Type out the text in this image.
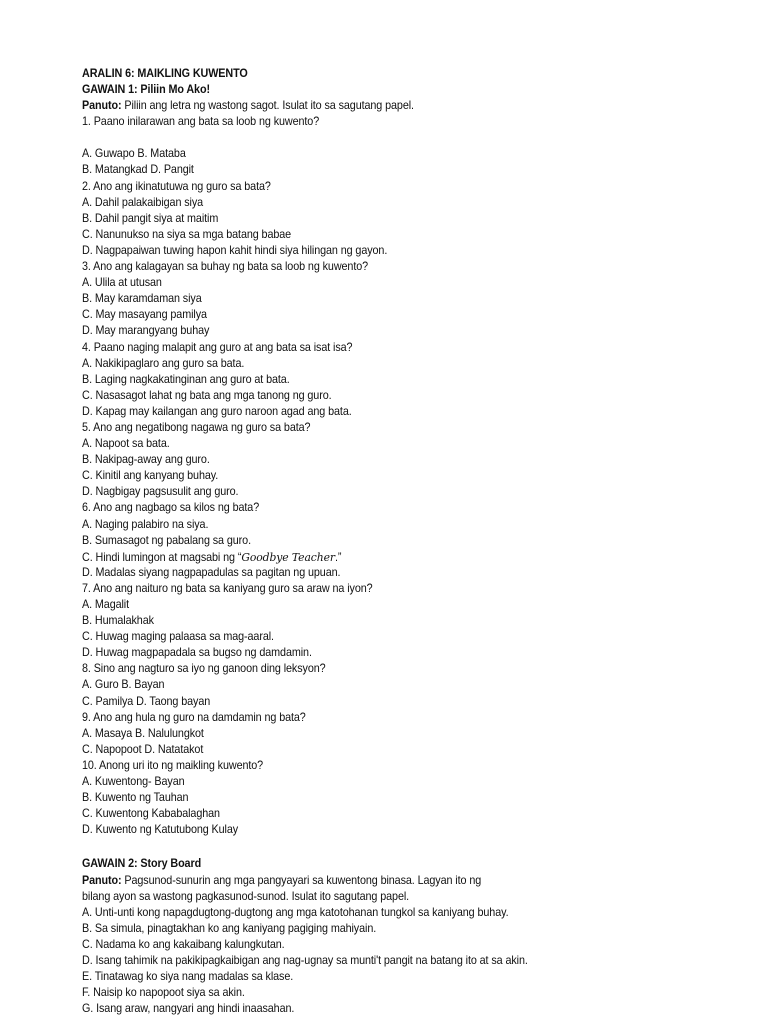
ARALIN 6: MAIKLING KUWENTO
GAWAIN 1: Piliin Mo Ako!
Panuto: Piliin ang letra ng wastong sagot. Isulat ito sa sagutang papel.
1. Paano inilarawan ang bata sa loob ng kuwento?
A. Guwapo B. Mataba
B. Matangkad D. Pangit
2. Ano ang ikinatutuwa ng guro sa bata?
A. Dahil palakaibigan siya
B. Dahil pangit siya at maitim
C. Nanunukso na siya sa mga batang babae
D. Nagpapaiwan tuwing hapon kahit hindi siya hilingan ng gayon.
3. Ano ang kalagayan sa buhay ng bata sa loob ng kuwento?
A. Ulila at utusan
B. May karamdaman siya
C. May masayang pamilya
D. May marangyang buhay
4. Paano naging malapit ang guro at ang bata sa isat isa?
A. Nakikipaglaro ang guro sa bata.
B. Laging nagkakatinginan ang guro at bata.
C. Nasasagot lahat ng bata ang mga tanong ng guro.
D. Kapag may kailangan ang guro naroon agad ang bata.
5. Ano ang negatibong nagawa ng guro sa bata?
A. Napoot sa bata.
B. Nakipag-away ang guro.
C. Kinitil ang kanyang buhay.
D. Nagbigay pagsusulit ang guro.
6. Ano ang nagbago sa kilos ng bata?
A. Naging palabiro na siya.
B. Sumasagot ng pabalang sa guro.
C. Hindi lumingon at magsabi ng “Goodbye Teacher.”
D. Madalas siyang nagpapadulas sa pagitan ng upuan.
7. Ano ang naituro ng bata sa kaniyang guro sa araw na iyon?
A. Magalit
B. Humalakhak
C. Huwag maging palaasa sa mag-aaral.
D. Huwag magpapadala sa bugso ng damdamin.
8. Sino ang nagturo sa iyo ng ganoon ding leksyon?
A. Guro B. Bayan
C. Pamilya D. Taong bayan
9. Ano ang hula ng guro na damdamin ng bata?
A. Masaya B. Nalulungkot
C. Napopoot D. Natatakot
10. Anong uri ito ng maikling kuwento?
A. Kuwentong- Bayan
B. Kuwento ng Tauhan
C. Kuwentong Kababalaghan
D. Kuwento ng Katutubong Kulay
GAWAIN 2: Story Board
Panuto: Pagsunod-sunurin ang mga pangyayari sa kuwentong binasa. Lagyan ito ng
bilang ayon sa wastong pagkasunod-sunod. Isulat ito sagutang papel.
A. Unti-unti kong napagdugtong-dugtong ang mga katotohanan tungkol sa kaniyang buhay.
B. Sa simula, pinagtakhan ko ang kaniyang pagiging mahiyain.
C. Nadama ko ang kakaibang kalungkutan.
D. Isang tahimik na pakikipagkaibigan ang nag-ugnay sa munti't pangit na batang ito at sa akin.
E. Tinatawag ko siya nang madalas sa klase.
F. Naisip ko napopoot siya sa akin.
G. Isang araw, nangyari ang hindi inaasahan.
